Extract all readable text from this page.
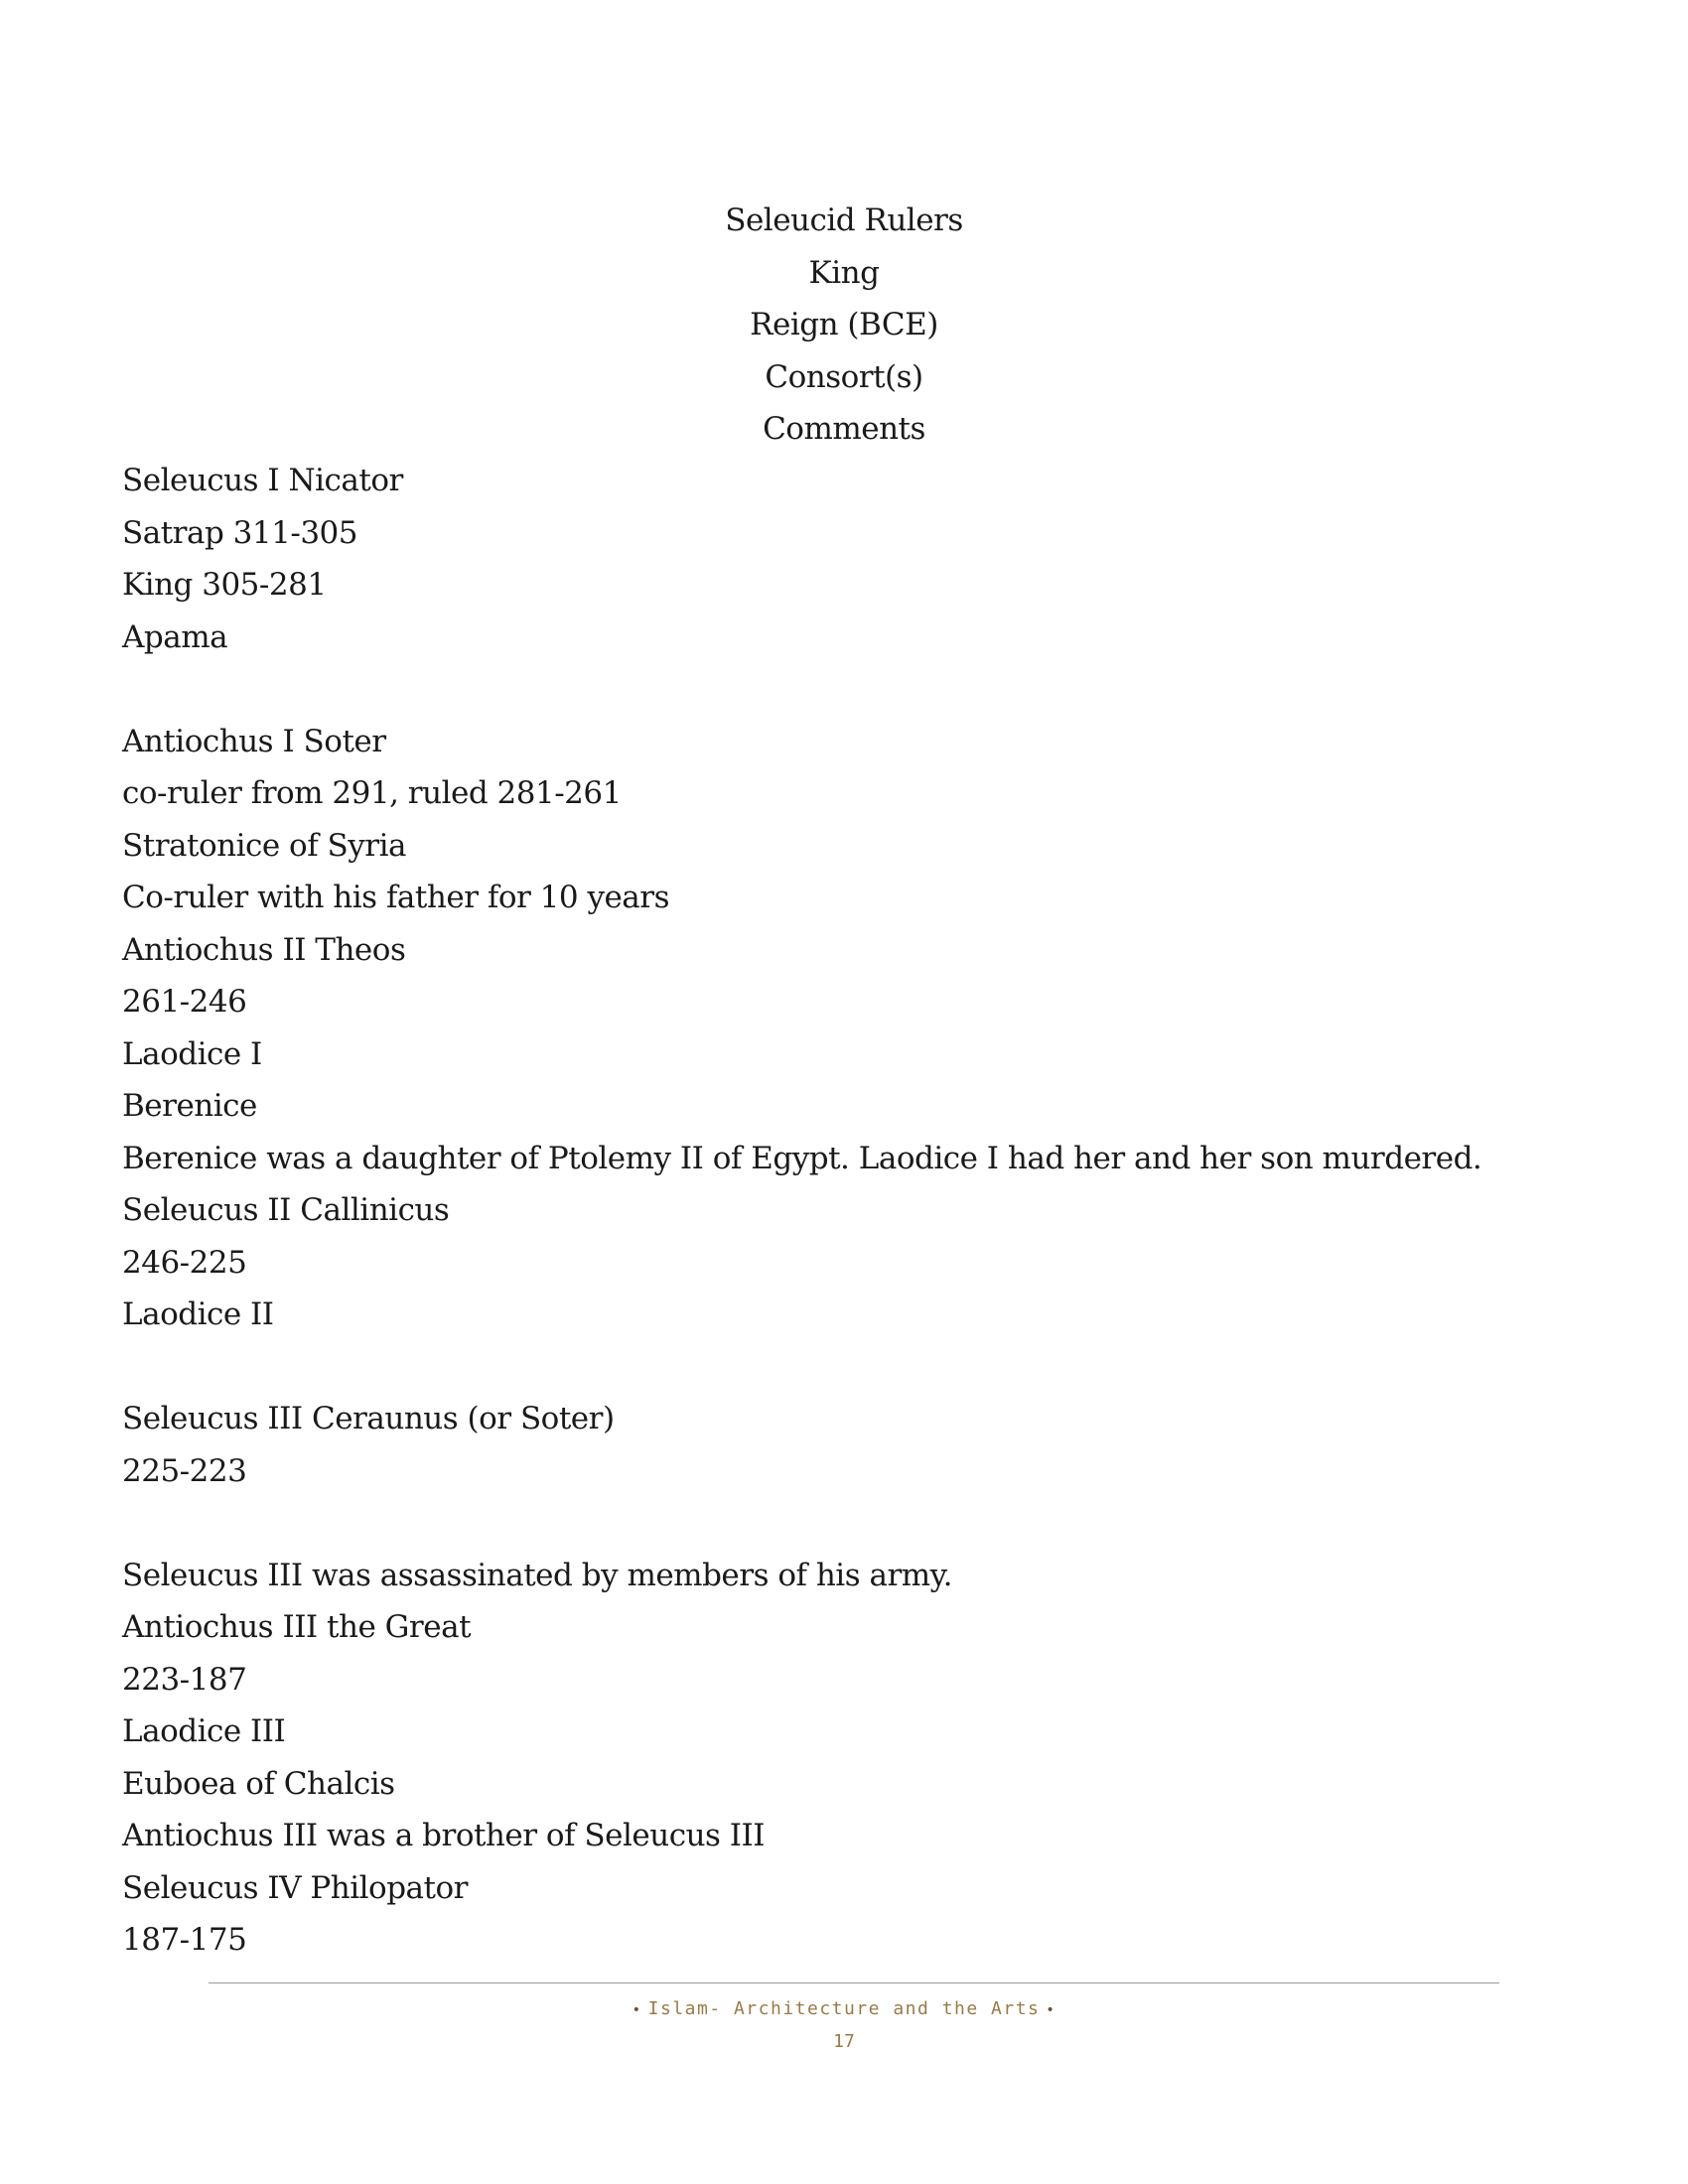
Seleucid Rulers
King
Reign (BCE)
Consort(s)
Comments
Seleucus I Nicator
Satrap 311-305
King 305-281
Apama
Antiochus I Soter
co-ruler from 291, ruled 281-261
Stratonice of Syria
Co-ruler with his father for 10 years
Antiochus II Theos
261-246
Laodice I
Berenice
Berenice was a daughter of Ptolemy II of Egypt. Laodice I had her and her son murdered.
Seleucus II Callinicus
246-225
Laodice II
Seleucus III Ceraunus (or Soter)
225-223
Seleucus III was assassinated by members of his army.
Antiochus III the Great
223-187
Laodice III
Euboea of Chalcis
Antiochus III was a brother of Seleucus III
Seleucus IV Philopator
187-175
• Islam- Architecture and the Arts •
17
